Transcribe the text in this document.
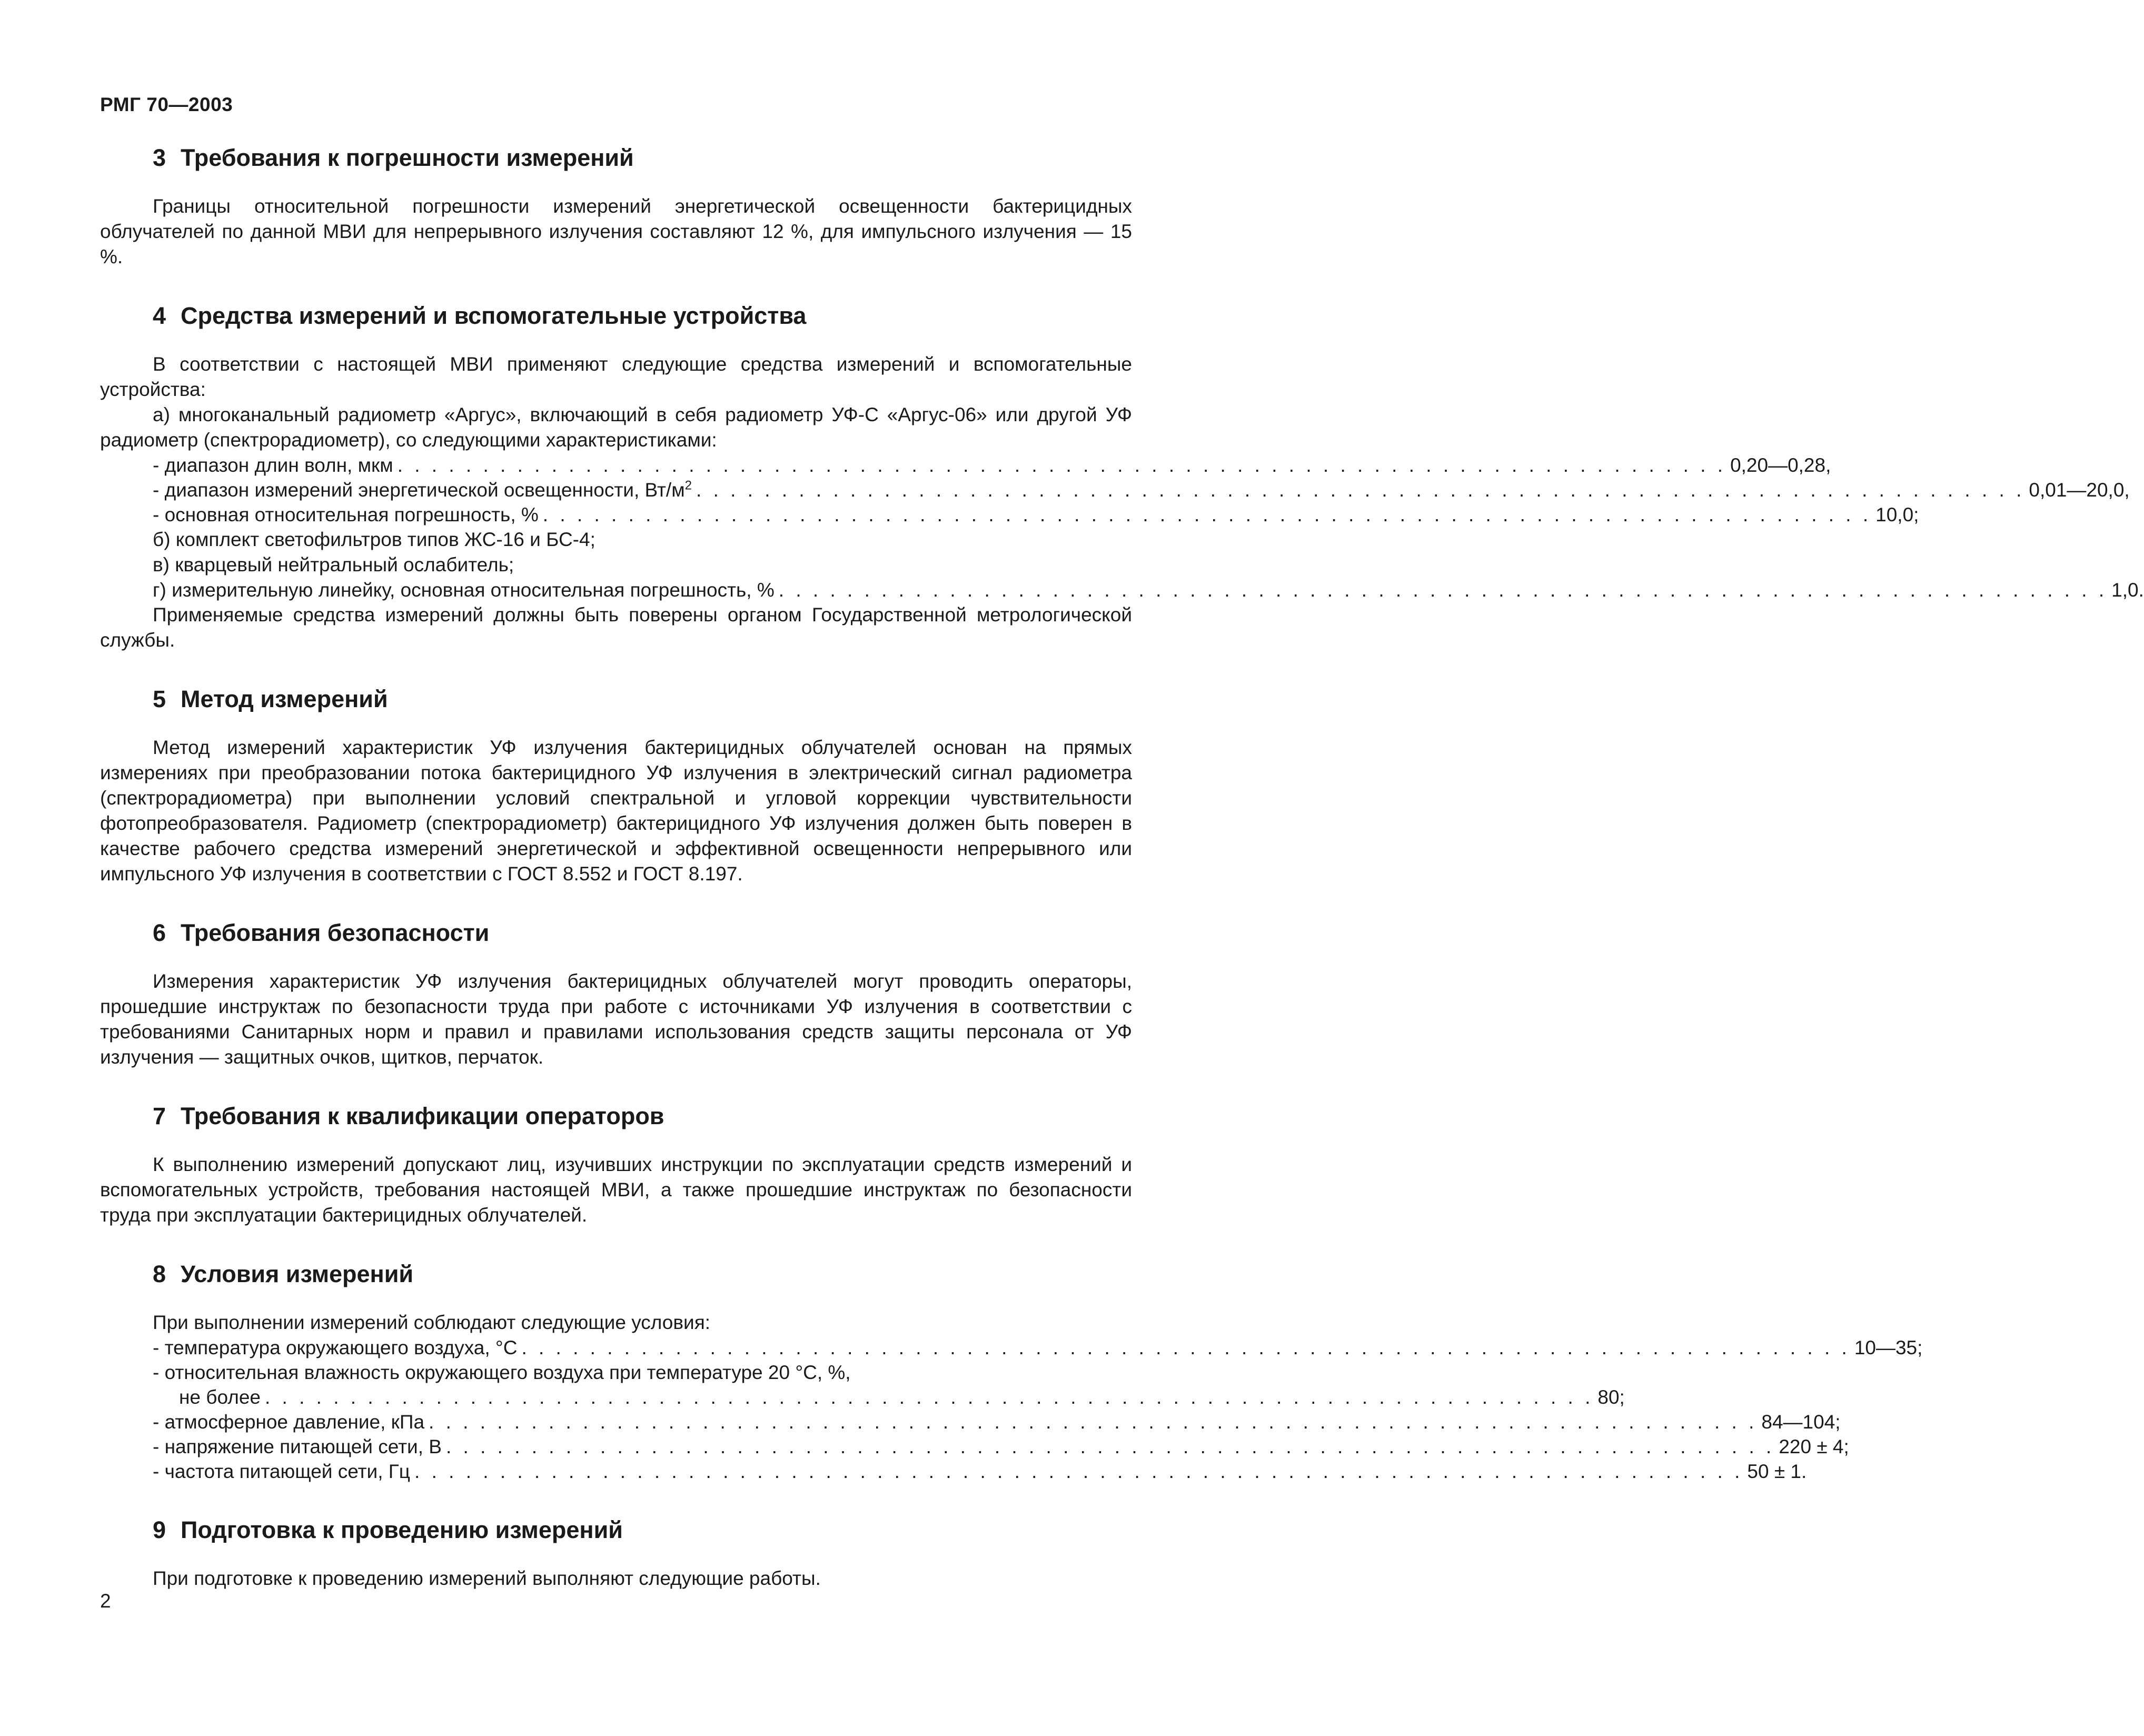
РМГ 70—2003
3 Требования к погрешности измерений

Границы относительной погрешности измерений энергетической освещенности бактерицидных облучателей по данной МВИ для непрерывного излучения составляют 12 %, для импульсного излучения — 15 %.

4 Средства измерений и вспомогательные устройства

В соответствии с настоящей МВИ применяют следующие средства измерений и вспомогательные устройства:

а) многоканальный радиометр «Аргус», включающий в себя радиометр УФ-С «Аргус-06» или другой УФ радиометр (спектрорадиометр), со следующими характеристиками:

- диапазон длин волн, мкм . . . . . . . . . . . . . . . . . . . . . . . . . . . . . . . . . . . . . . . . . . . . . . . . . . . . . . . . . . . . . . . . . . . . . . . . . . . . . . 0,20—0,28,
- диапазон измерений энергетической освещенности, $Вт/м^2$ . . . . . . . . . . . . . . . . . . . . . . . . . . . . . . . . . . . . . . . . . . . . . . . . . . . . . . . . . . . . . . . . . . . . . . . . . . . . . . 0,01—20,0,
- основная относительная погрешность, % . . . . . . . . . . . . . . . . . . . . . . . . . . . . . . . . . . . . . . . . . . . . . . . . . . . . . . . . . . . . . . . . . . . . . . . . . . . . . . 10,0;

б) комплект светофильтров типов ЖС-16 и БС-4;

в) кварцевый нейтральный ослабитель;

г) измерительную линейку, основная относительная погрешность, % . . . . . . . . . . . . . . . . . . . . . . . . . . . . . . . . . . . . . . . . . . . . . . . . . . . . . . . . . . . . . . . . . . . . . . . . . . . . . . 1,0.

Применяемые средства измерений должны быть поверены органом Государственной метрологической службы.

5 Метод измерений

Метод измерений характеристик УФ излучения бактерицидных облучателей основан на прямых измерениях при преобразовании потока бактерицидного УФ излучения в электрический сигнал радиометра (спектрорадиометра) при выполнении условий спектральной и угловой коррекции чувствительности фотопреобразователя. Радиометр (спектрорадиометр) бактерицидного УФ излучения должен быть поверен в качестве рабочего средства измерений энергетической и эффективной освещенности непрерывного или импульсного УФ излучения в соответствии с ГОСТ 8.552 и ГОСТ 8.197.

6 Требования безопасности

Измерения характеристик УФ излучения бактерицидных облучателей могут проводить операторы, прошедшие инструктаж по безопасности труда при работе с источниками УФ излучения в соответствии с требованиями Санитарных норм и правил и правилами использования средств защиты персонала от УФ излучения — защитных очков, щитков, перчаток.

7 Требования к квалификации операторов

К выполнению измерений допускают лиц, изучивших инструкции по эксплуатации средств измерений и вспомогательных устройств, требования настоящей МВИ, а также прошедшие инструктаж по безопасности труда при эксплуатации бактерицидных облучателей.

8 Условия измерений

При выполнении измерений соблюдают следующие условия:

- температура окружающего воздуха, °С . . . . . . . . . . . . . . . . . . . . . . . . . . . . . . . . . . . . . . . . . . . . . . . . . . . . . . . . . . . . . . . . . . . . . . . . . . . . . . 10—35;
- относительная влажность окружающего воздуха при температуре 20 °С, %,
не более . . . . . . . . . . . . . . . . . . . . . . . . . . . . . . . . . . . . . . . . . . . . . . . . . . . . . . . . . . . . . . . . . . . . . . . . . . . . . . 80;
- атмосферное давление, кПа . . . . . . . . . . . . . . . . . . . . . . . . . . . . . . . . . . . . . . . . . . . . . . . . . . . . . . . . . . . . . . . . . . . . . . . . . . . . . . 84—104;
- напряжение питающей сети, В . . . . . . . . . . . . . . . . . . . . . . . . . . . . . . . . . . . . . . . . . . . . . . . . . . . . . . . . . . . . . . . . . . . . . . . . . . . . . . 220 ± 4;
- частота питающей сети, Гц . . . . . . . . . . . . . . . . . . . . . . . . . . . . . . . . . . . . . . . . . . . . . . . . . . . . . . . . . . . . . . . . . . . . . . . . . . . . . . 50 ± 1.
9 Подготовка к проведению измерений

При подготовке к проведению измерений выполняют следующие работы.

2
